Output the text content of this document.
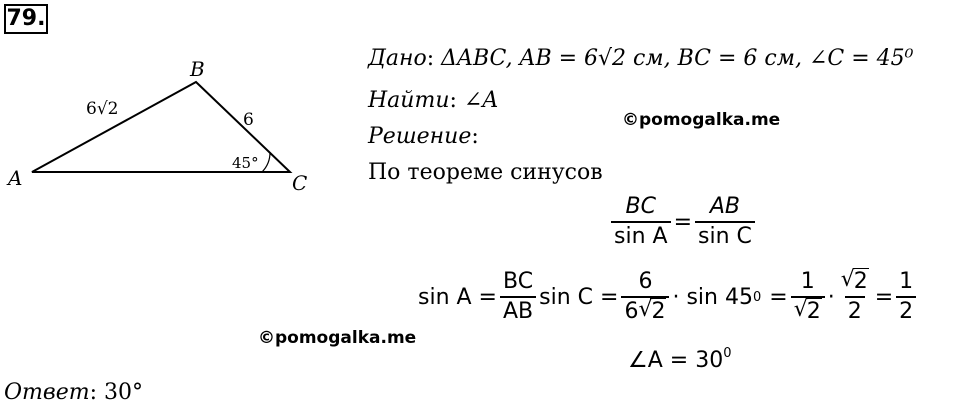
79.
A
B
C
6√2
6
45°
Дано: ΔABC, AB = 6√2 см, BC = 6 см, ∠C = 45⁰
Найти: ∠A
©pomogalka.me
Решение:
По теореме синусов
$\frac{BC}{\text{sin A}} = \frac{AB}{\text{sin C}}$
$\sin A = \frac{BC}{AB}$ $\sin C = \frac{6}{6 √ 2} \cdot \sin 45$ 0 = 1
√ 2 · √ $\frac{2}{2} = \frac{1}{2}$
©pomogalka.me
∠A = $30^0$
Ответ: 30°
